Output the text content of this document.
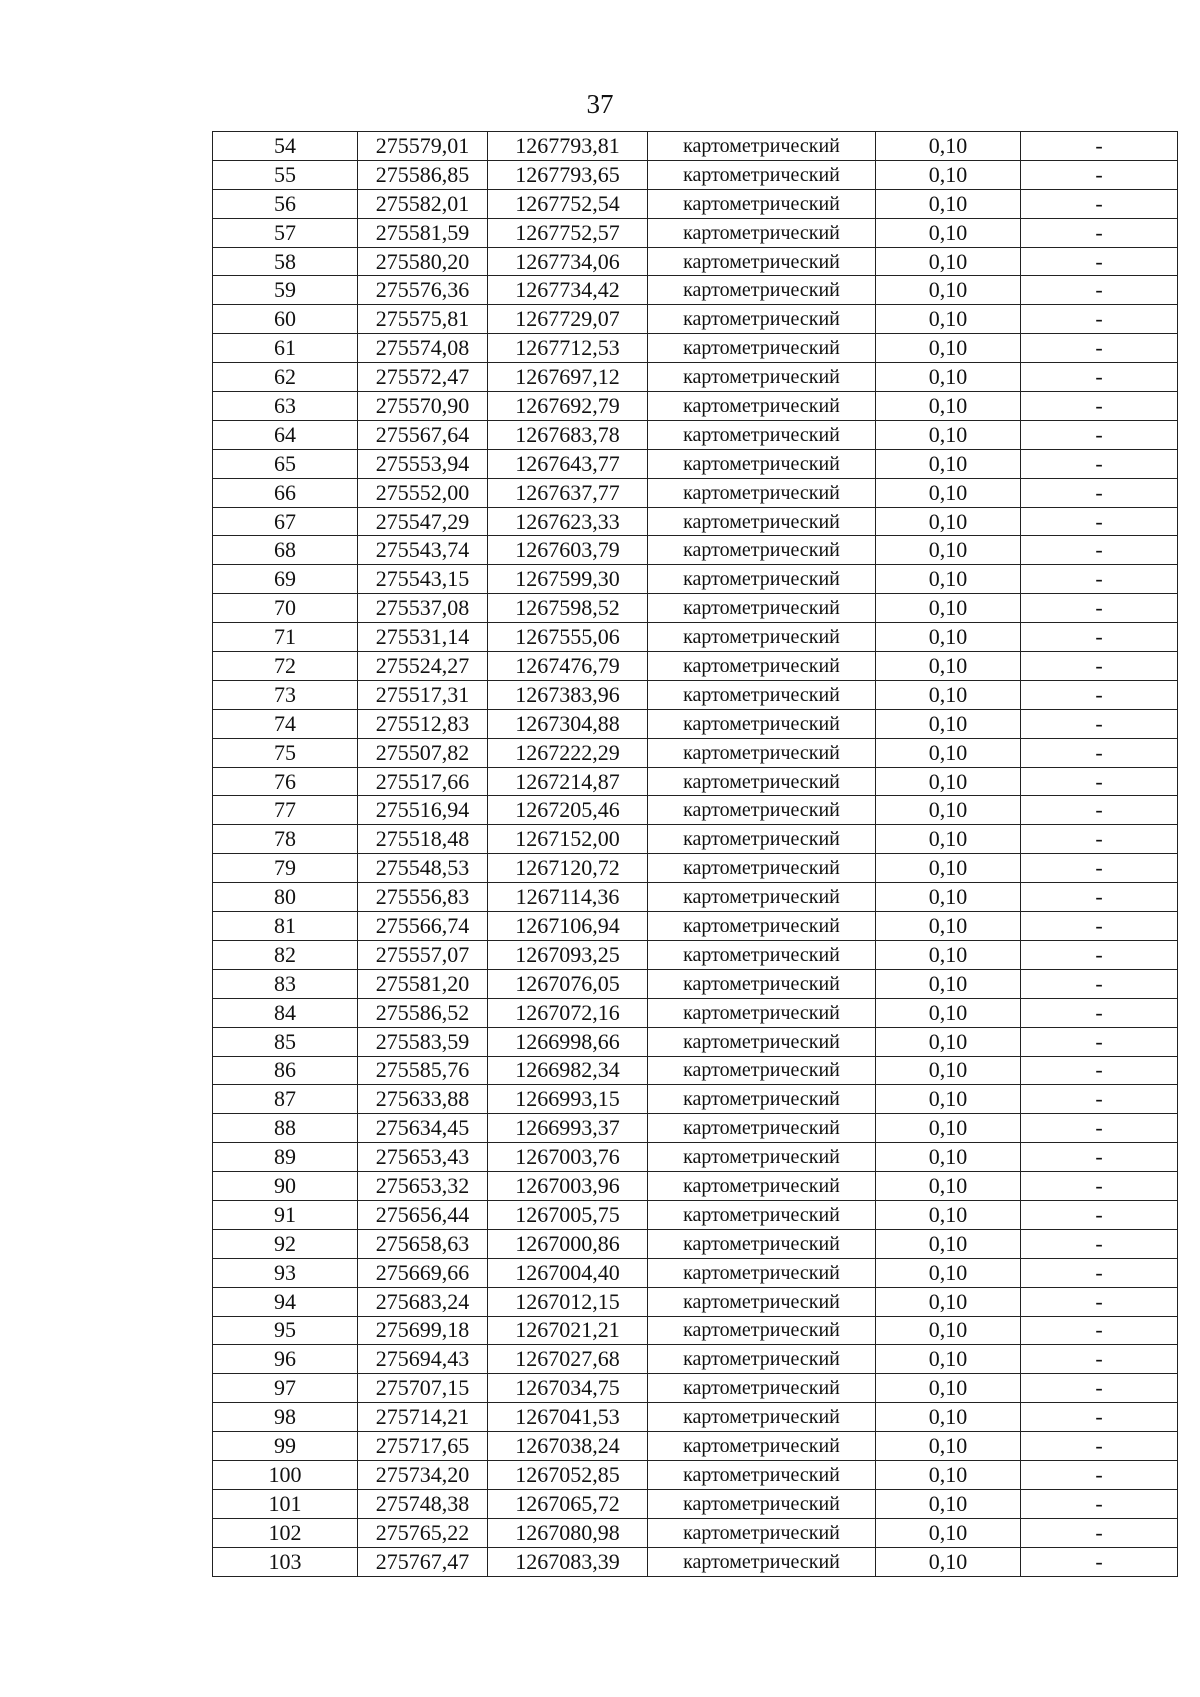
37
54	275579,01	1267793,81	картометрический	0,10	-
55	275586,85	1267793,65	картометрический	0,10	-
56	275582,01	1267752,54	картометрический	0,10	-
57	275581,59	1267752,57	картометрический	0,10	-
58	275580,20	1267734,06	картометрический	0,10	-
59	275576,36	1267734,42	картометрический	0,10	-
60	275575,81	1267729,07	картометрический	0,10	-
61	275574,08	1267712,53	картометрический	0,10	-
62	275572,47	1267697,12	картометрический	0,10	-
63	275570,90	1267692,79	картометрический	0,10	-
64	275567,64	1267683,78	картометрический	0,10	-
65	275553,94	1267643,77	картометрический	0,10	-
66	275552,00	1267637,77	картометрический	0,10	-
67	275547,29	1267623,33	картометрический	0,10	-
68	275543,74	1267603,79	картометрический	0,10	-
69	275543,15	1267599,30	картометрический	0,10	-
70	275537,08	1267598,52	картометрический	0,10	-
71	275531,14	1267555,06	картометрический	0,10	-
72	275524,27	1267476,79	картометрический	0,10	-
73	275517,31	1267383,96	картометрический	0,10	-
74	275512,83	1267304,88	картометрический	0,10	-
75	275507,82	1267222,29	картометрический	0,10	-
76	275517,66	1267214,87	картометрический	0,10	-
77	275516,94	1267205,46	картометрический	0,10	-
78	275518,48	1267152,00	картометрический	0,10	-
79	275548,53	1267120,72	картометрический	0,10	-
80	275556,83	1267114,36	картометрический	0,10	-
81	275566,74	1267106,94	картометрический	0,10	-
82	275557,07	1267093,25	картометрический	0,10	-
83	275581,20	1267076,05	картометрический	0,10	-
84	275586,52	1267072,16	картометрический	0,10	-
85	275583,59	1266998,66	картометрический	0,10	-
86	275585,76	1266982,34	картометрический	0,10	-
87	275633,88	1266993,15	картометрический	0,10	-
88	275634,45	1266993,37	картометрический	0,10	-
89	275653,43	1267003,76	картометрический	0,10	-
90	275653,32	1267003,96	картометрический	0,10	-
91	275656,44	1267005,75	картометрический	0,10	-
92	275658,63	1267000,86	картометрический	0,10	-
93	275669,66	1267004,40	картометрический	0,10	-
94	275683,24	1267012,15	картометрический	0,10	-
95	275699,18	1267021,21	картометрический	0,10	-
96	275694,43	1267027,68	картометрический	0,10	-
97	275707,15	1267034,75	картометрический	0,10	-
98	275714,21	1267041,53	картометрический	0,10	-
99	275717,65	1267038,24	картометрический	0,10	-
100	275734,20	1267052,85	картометрический	0,10	-
101	275748,38	1267065,72	картометрический	0,10	-
102	275765,22	1267080,98	картометрический	0,10	-
103	275767,47	1267083,39	картометрический	0,10	-
